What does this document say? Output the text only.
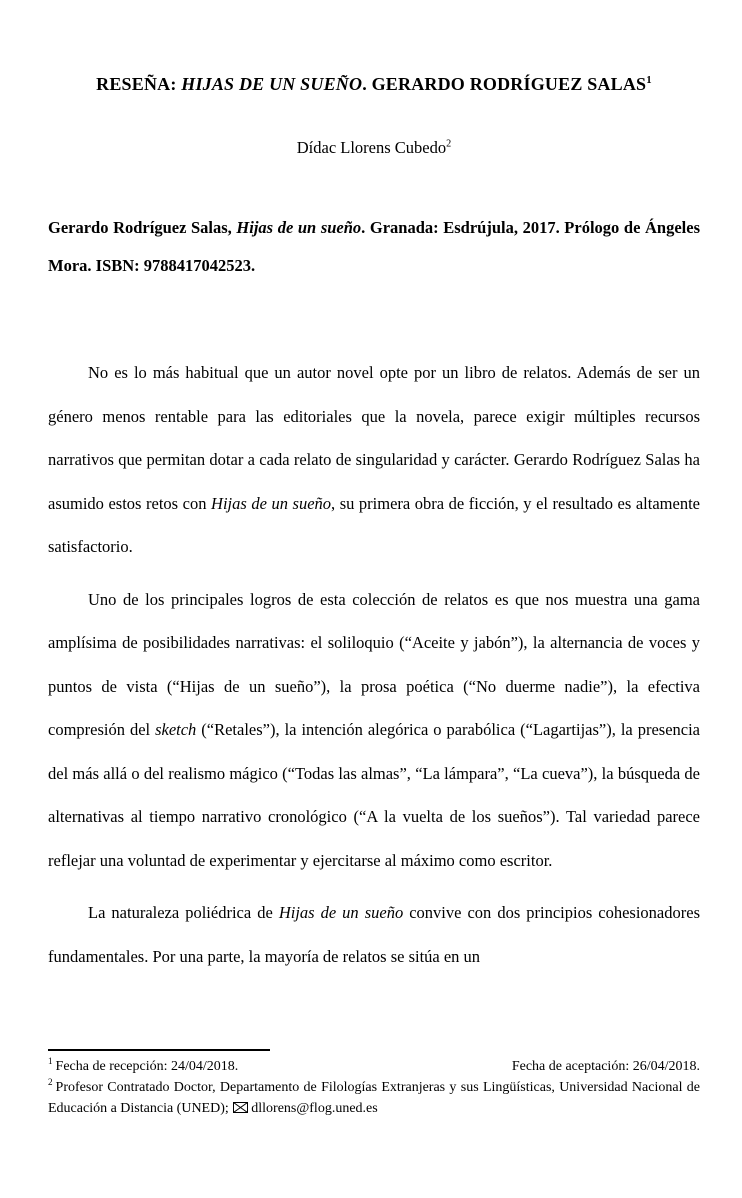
RESEÑA: HIJAS DE UN SUEÑO. GERARDO RODRÍGUEZ SALAS$^1$
Dídac Llorens Cubedo$^2$
Gerardo Rodríguez Salas, Hijas de un sueño. Granada: Esdrújula, 2017. Prólogo de Ángeles Mora. ISBN: 9788417042523.

No es lo más habitual que un autor novel opte por un libro de relatos. Además de ser un género menos rentable para las editoriales que la novela, parece exigir múltiples recursos narrativos que permitan dotar a cada relato de singularidad y carácter. Gerardo Rodríguez Salas ha asumido estos retos con Hijas de un sueño, su primera obra de ficción, y el resultado es altamente satisfactorio.

Uno de los principales logros de esta colección de relatos es que nos muestra una gama amplísima de posibilidades narrativas: el soliloquio (“Aceite y jabón”), la alternancia de voces y puntos de vista (“Hijas de un sueño”), la prosa poética (“No duerme nadie”), la efectiva compresión del sketch (“Retales”), la intención alegórica o parabólica (“Lagartijas”), la presencia del más allá o del realismo mágico (“Todas las almas”, “La lámpara”, “La cueva”), la búsqueda de alternativas al tiempo narrativo cronológico (“A la vuelta de los sueños”). Tal variedad parece reflejar una voluntad de experimentar y ejercitarse al máximo como escritor.

La naturaleza poliédrica de Hijas de un sueño convive con dos principios cohesionadores fundamentales. Por una parte, la mayoría de relatos se sitúa en un

$^1$ Fecha de recepción: 24/04/2018.	Fecha de aceptación: 26/04/2018.
$^2$ Profesor Contratado Doctor, Departamento de Filologías Extranjeras y sus Lingüísticas, Universidad Nacional de Educación a Distancia (UNED); dllorens@flog.uned.es
